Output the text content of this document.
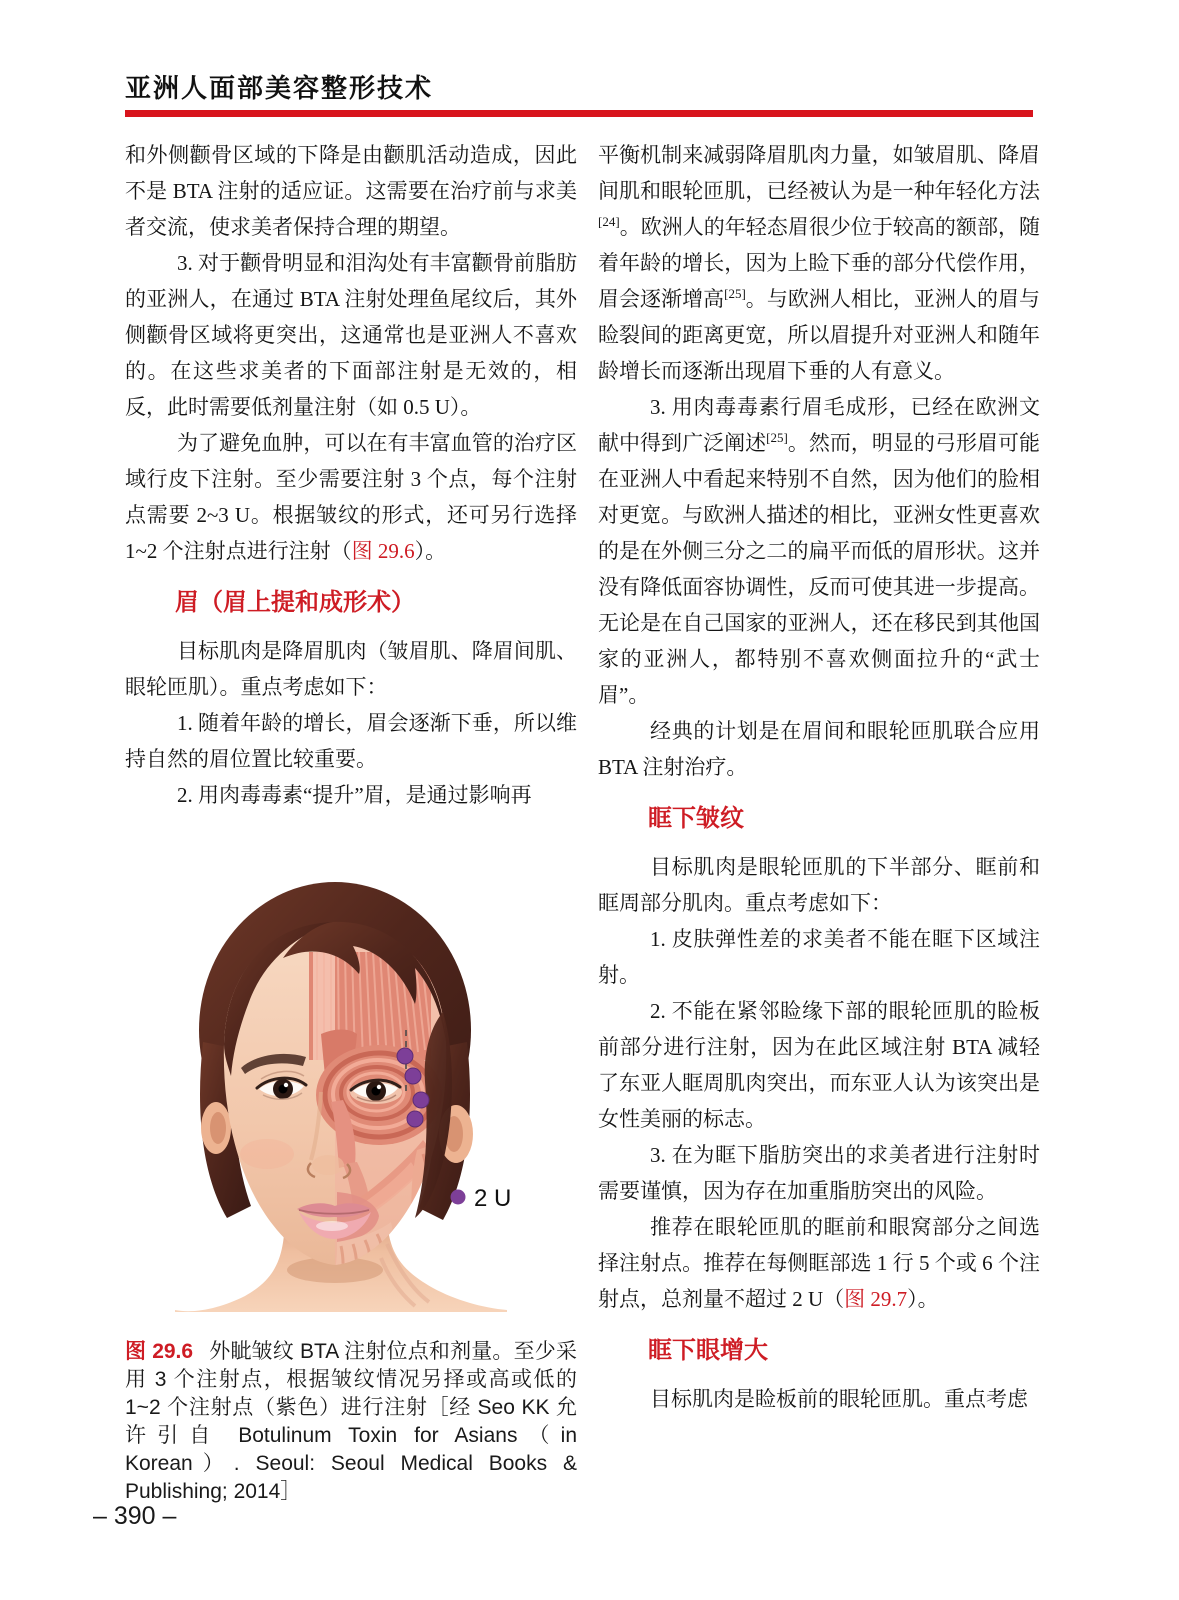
亚洲人面部美容整形技术

和外侧颧骨区域的下降是由颧肌活动造成，因此不是 BTA 注射的适应证。这需要在治疗前与求美者交流，使求美者保持合理的期望。

3. 对于颧骨明显和泪沟处有丰富颧骨前脂肪的亚洲人，在通过 BTA 注射处理鱼尾纹后，其外侧颧骨区域将更突出，这通常也是亚洲人不喜欢的。在这些求美者的下面部注射是无效的，相反，此时需要低剂量注射（如 0.5 U）。

为了避免血肿，可以在有丰富血管的治疗区域行皮下注射。至少需要注射 3 个点，每个注射点需要 2~3 U。根据皱纹的形式，还可另行选择 1~2 个注射点进行注射（图 29.6）。

眉（眉上提和成形术）

目标肌肉是降眉肌肉（皱眉肌、降眉间肌、眼轮匝肌）。重点考虑如下：

1. 随着年龄的增长，眉会逐渐下垂，所以维持自然的眉位置比较重要。

2. 用肉毒毒素“提升”眉，是通过影响再

2 U
图 29.6 外眦皱纹 BTA 注射位点和剂量。至少采用 3 个注射点，根据皱纹情况另择或高或低的 1~2 个注射点（紫色）进行注射［经 Seo KK 允许引自 Botulinum Toxin for Asians（in Korean）. Seoul: Seoul Medical Books & Publishing; 2014］

平衡机制来减弱降眉肌肉力量，如皱眉肌、降眉间肌和眼轮匝肌，已经被认为是一种年轻化方法[24]。欧洲人的年轻态眉很少位于较高的额部，随着年龄的增长，因为上睑下垂的部分代偿作用，眉会逐渐增高[25]。与欧洲人相比，亚洲人的眉与睑裂间的距离更宽，所以眉提升对亚洲人和随年龄增长而逐渐出现眉下垂的人有意义。

3. 用肉毒毒素行眉毛成形，已经在欧洲文献中得到广泛阐述[25]。然而，明显的弓形眉可能在亚洲人中看起来特别不自然，因为他们的脸相对更宽。与欧洲人描述的相比，亚洲女性更喜欢的是在外侧三分之二的扁平而低的眉形状。这并没有降低面容协调性，反而可使其进一步提高。无论是在自己国家的亚洲人，还在移民到其他国家的亚洲人，都特别不喜欢侧面拉升的“武士眉”。

经典的计划是在眉间和眼轮匝肌联合应用 BTA 注射治疗。

眶下皱纹

目标肌肉是眼轮匝肌的下半部分、眶前和眶周部分肌肉。重点考虑如下：

1. 皮肤弹性差的求美者不能在眶下区域注射。

2. 不能在紧邻睑缘下部的眼轮匝肌的睑板前部分进行注射，因为在此区域注射 BTA 减轻了东亚人眶周肌肉突出，而东亚人认为该突出是女性美丽的标志。

3. 在为眶下脂肪突出的求美者进行注射时需要谨慎，因为存在加重脂肪突出的风险。

推荐在眼轮匝肌的眶前和眼窝部分之间选择注射点。推荐在每侧眶部选 1 行 5 个或 6 个注射点，总剂量不超过 2 U（图 29.7）。

眶下眼增大

目标肌肉是睑板前的眼轮匝肌。重点考虑

– 390 –
